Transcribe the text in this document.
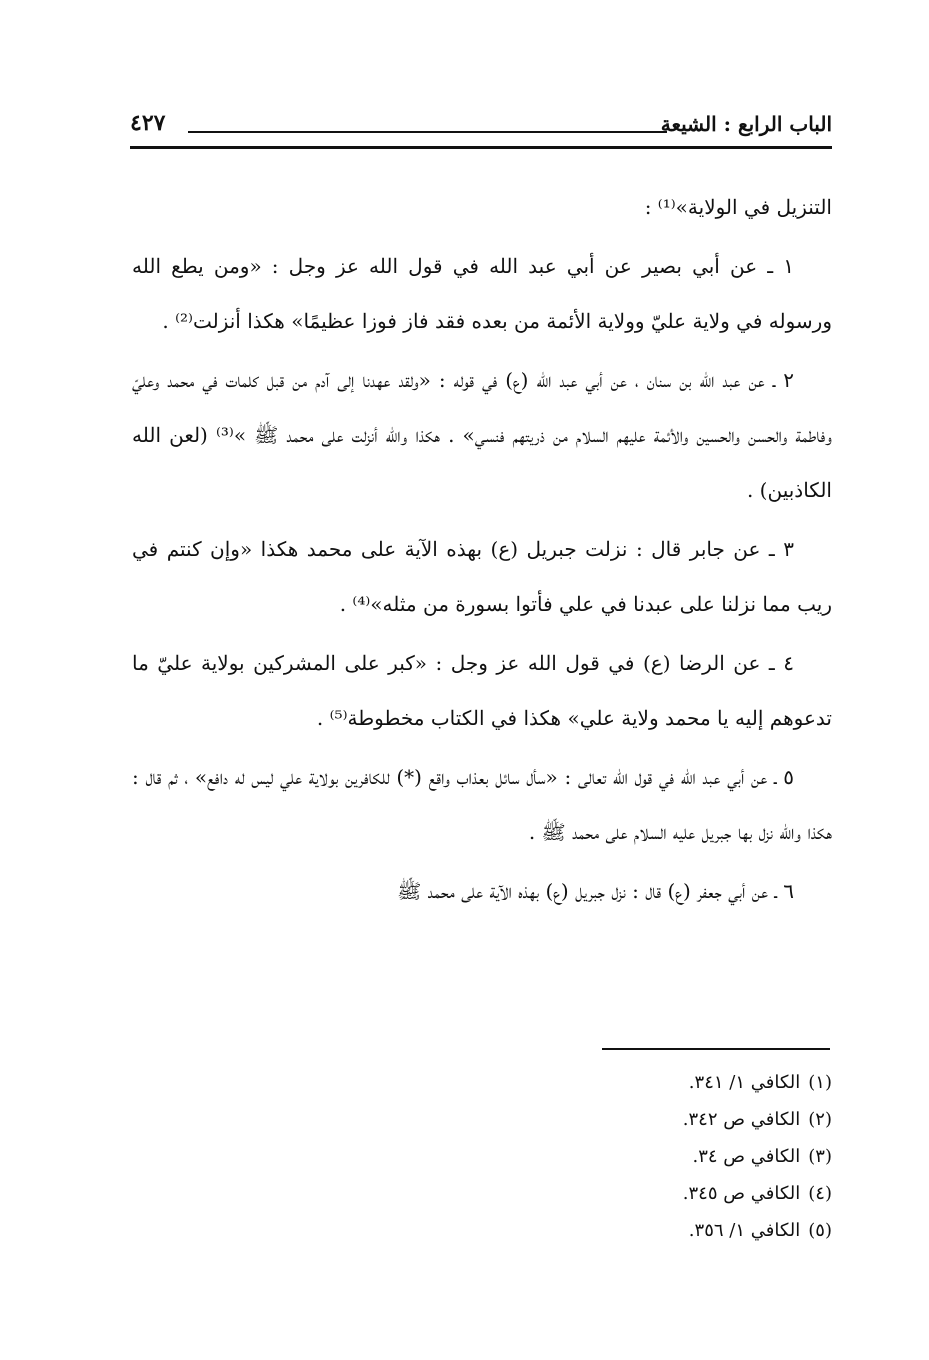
الباب الرابع : الشيعة
٤٢٧

التنزيل في الولاية»⁽¹⁾ :

١ ـ عن أبي بصير عن أبي عبد الله في قول الله عز وجل : «ومن يطع الله ورسوله في ولاية عليّ وولاية الأئمة من بعده فقد فاز فوزا عظيمًا» هكذا أنزلت⁽²⁾ .

٢ ـ عن عبد الله بن سنان ، عن أبي عبد الله (ع) في قوله : «ولقد عهدنا إلى آدم من قبل كلمات في محمد وعليّ وفاطمة والحسن والحسين والأئمة عليهم السلام من ذريتهم فنسي» . هكذا والله أنزلت على محمد ﷺ »⁽³⁾ (لعن الله الكاذبين) .

٣ ـ عن جابر قال : نزلت جبريل (ع) بهذه الآية على محمد هكذا «وإن كنتم في ريب مما نزلنا على عبدنا في علي فأتوا بسورة من مثله»⁽⁴⁾ .

٤ ـ عن الرضا (ع) في قول الله عز وجل : «كبر على المشركين بولاية عليّ ما تدعوهم إليه يا محمد ولاية علي» هكذا في الكتاب مخطوطة⁽⁵⁾ .

٥ ـ عن أبي عبد الله في قول الله تعالى : «سأل سائل بعذاب واقع (*) للكافرين بولاية علي ليس له دافع» ، ثم قال : هكذا والله نزل بها جبريل عليه السلام على محمد ﷺ .

٦ ـ عن أبي جعفر (ع) قال : نزل جبريل (ع) بهذه الآية على محمد ﷺ

(١)الكافي ١/ ٣٤١.
(٢)الكافي ص ٣٤٢.
(٣)الكافي ص ٣٤.
(٤)الكافي ص ٣٤٥.
(٥)الكافي ١/ ٣٥٦.
